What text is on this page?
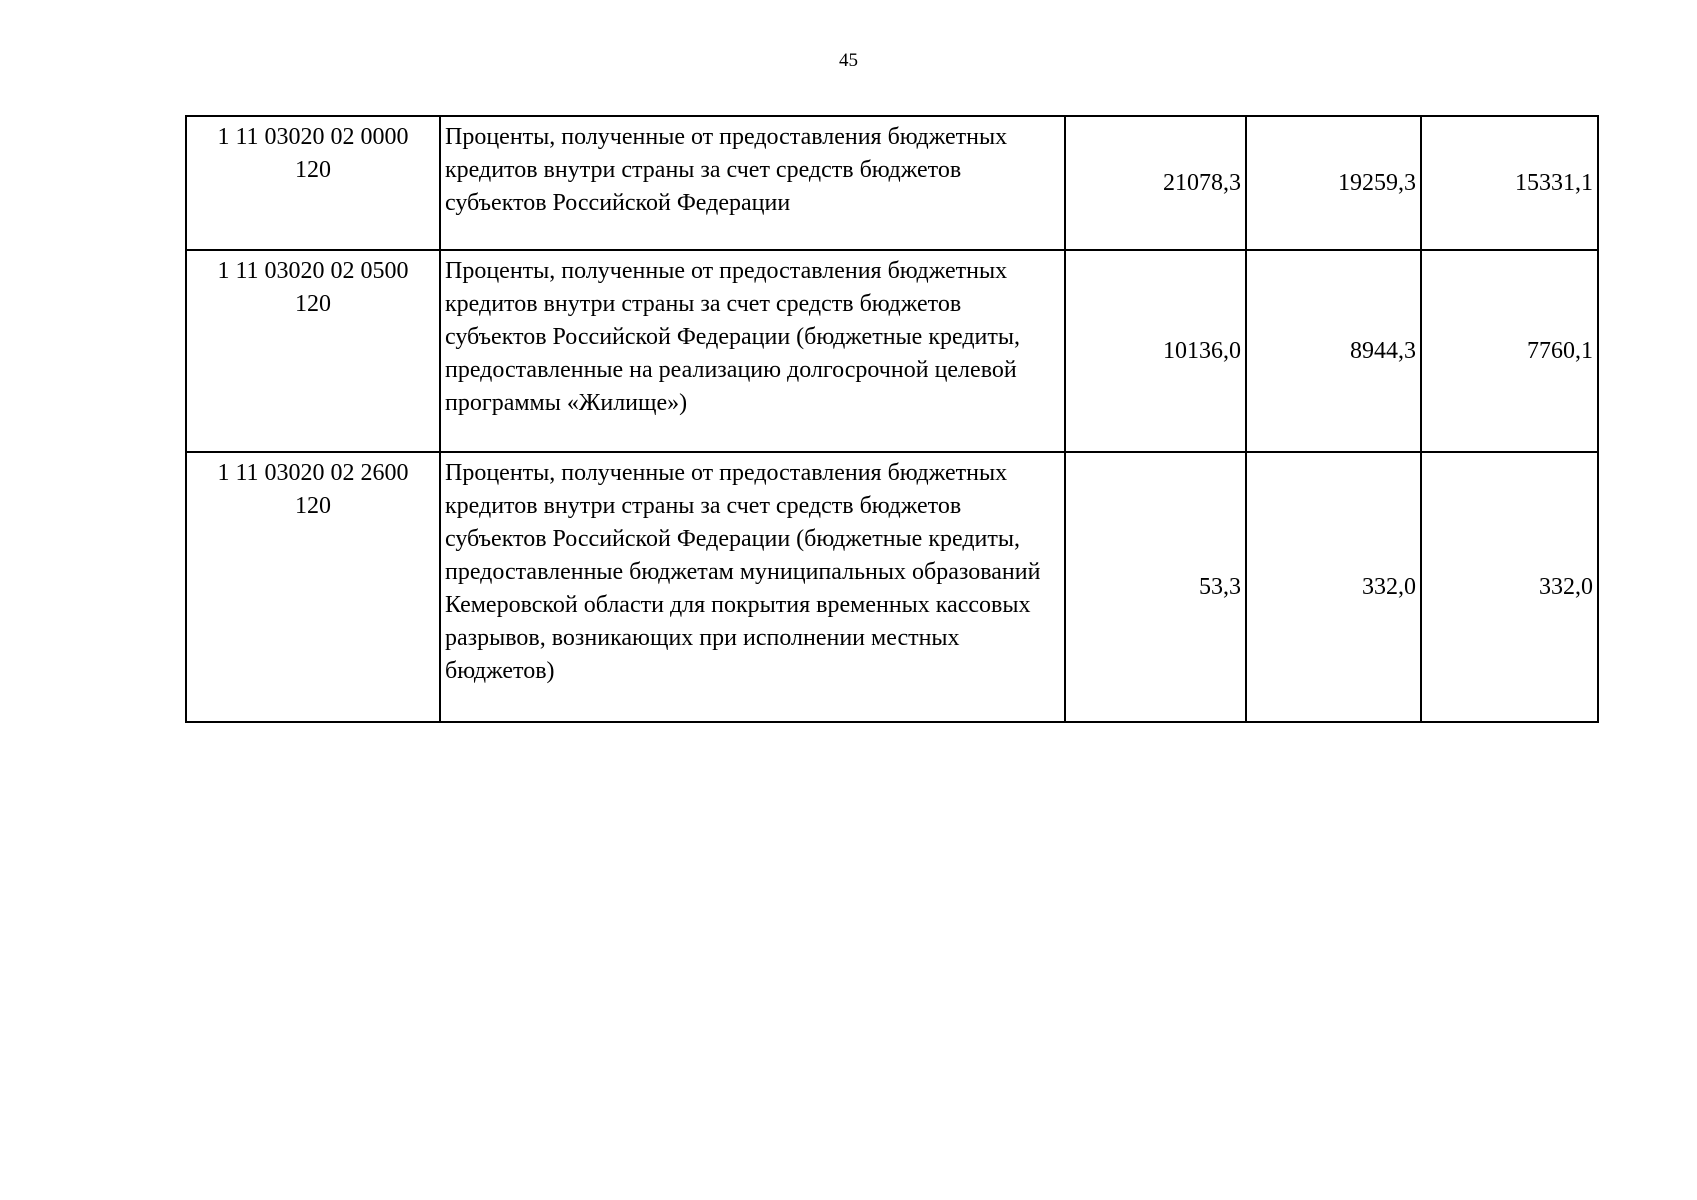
45
1 11 03020 02 0000
120	Проценты, полученные от предоставления бюджетных кредитов внутри страны за счет средств бюджетов субъектов Российской Федерации	21078,3	19259,3	15331,1

1 11 03020 02 0500
120	Проценты, полученные от предоставления бюджетных кредитов внутри страны за счет средств бюджетов субъектов Российской Федерации (бюджетные кредиты, предоставленные на реализацию долгосрочной целевой программы «Жилище»)	10136,0	8944,3	7760,1

1 11 03020 02 2600
120	Проценты, полученные от предоставления бюджетных кредитов внутри страны за счет средств бюджетов субъектов Российской Федерации (бюджетные кредиты, предоставленные бюджетам муниципальных образований Кемеровской области для покрытия временных кассовых разрывов, возникающих при исполнении местных бюджетов)	53,3	332,0	332,0
